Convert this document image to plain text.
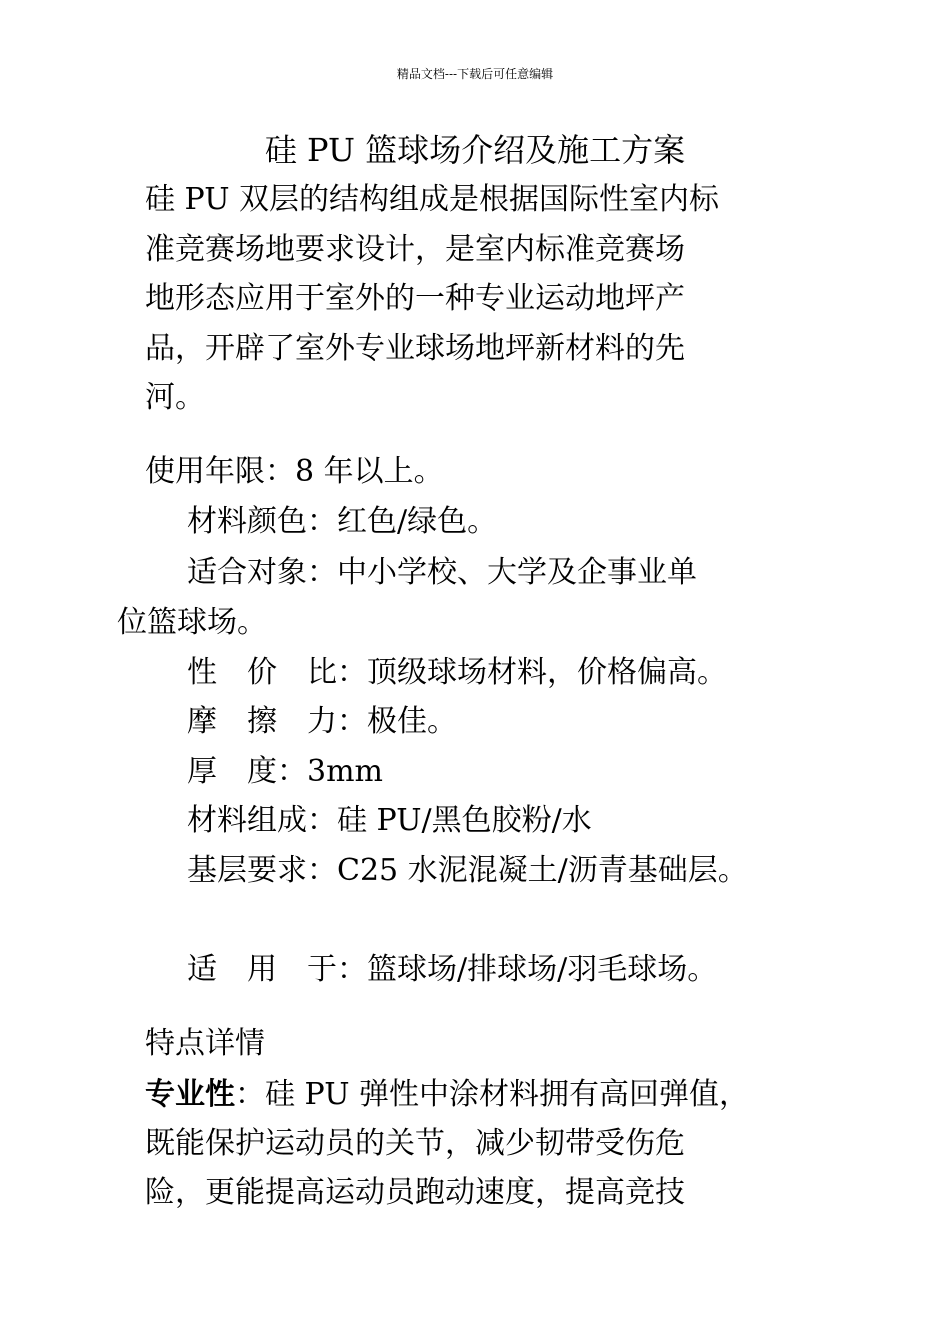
精品文档---下载后可任意编辑
硅 PU 篮球场介绍及施工方案
硅 PU 双层的结构组成是根据国际性室内标
准竞赛场地要求设计，是室内标准竞赛场
地形态应用于室外的一种专业运动地坪产
品，开辟了室外专业球场地坪新材料的先
河。
使用年限：8 年以上。
材料颜色：红色/绿色。
适合对象：中小学校、大学及企事业单
位篮球场。
性　价　比：顶级球场材料，价格偏高。
摩　擦　力：极佳。
厚　度：3mm
材料组成：硅 PU/黑色胶粉/水
基层要求：C25 水泥混凝土/沥青基础层。
适　用　于：篮球场/排球场/羽毛球场。
特点详情
专业性：硅 PU 弹性中涂材料拥有高回弹值，
既能保护运动员的关节，减少韧带受伤危
险，更能提高运动员跑动速度，提高竞技
